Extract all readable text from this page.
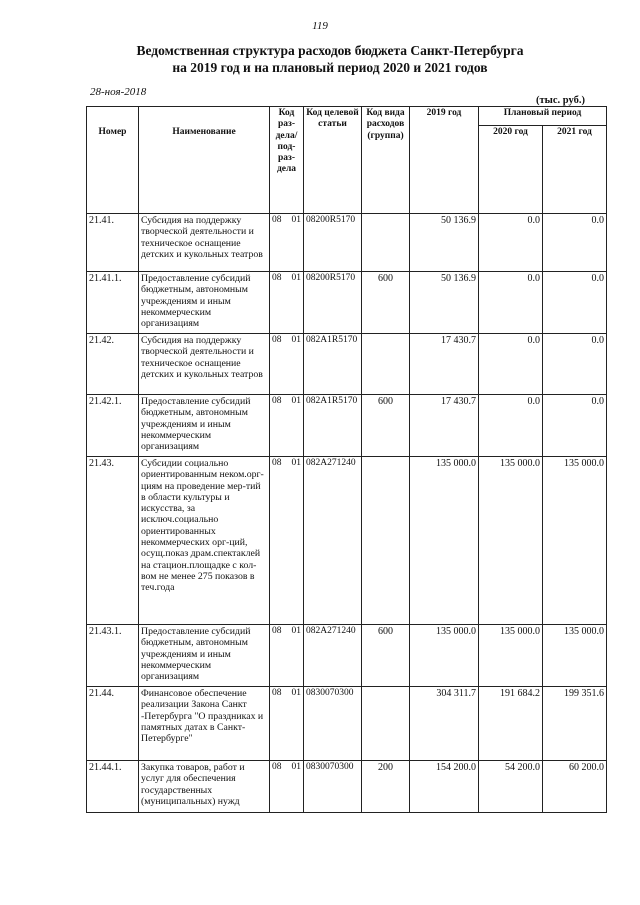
119
Ведомственная структура расходов бюджета Санкт-Петербурга
на 2019 год и на плановый период 2020 и 2021 годов
28-ноя-2018
(тыс. руб.)
Номер	Наименование	Код раз- дела/ под- раз- дела	Код целевой статьи	Код вида расходов (группа)	2019 год	Плановый период	
						2020 год	2021 год
21.41.	Субсидия на поддержку творческой деятельности и техническое оснащение детских и кукольных театров	08 01	08200R5170		50 136.9	0.0	0.0
21.41.1.	Предоставление субсидий бюджетным, автономным учреждениям и иным некоммерческим организациям	08 01	08200R5170	600	50 136.9	0.0	0.0
21.42.	Субсидия на поддержку творческой деятельности и техническое оснащение детских и кукольных театров	08 01	082A1R5170		17 430.7	0.0	0.0
21.42.1.	Предоставление субсидий бюджетным, автономным учреждениям и иным некоммерческим организациям	08 01	082A1R5170	600	17 430.7	0.0	0.0
21.43.	Субсидии социально ориентированным неком.орг-циям на проведение мер-тий в области культуры и искусства, за исключ.социально ориентированных некоммерческих орг-ций, осущ.показ драм.спектаклей на стацион.площадке с кол-вом не менее 275 показов в теч.года	08 01	082A271240		135 000.0	135 000.0	135 000.0
21.43.1.	Предоставление субсидий бюджетным, автономным учреждениям и иным некоммерческим организациям	08 01	082A271240	600	135 000.0	135 000.0	135 000.0
21.44.	Финансовое обеспечение реализации Закона Санкт -Петербурга "О праздниках и памятных датах в Санкт-Петербурге"	08 01	0830070300		304 311.7	191 684.2	199 351.6
21.44.1.	Закупка товаров, работ и услуг для обеспечения государственных (муниципальных) нужд	08 01	0830070300	200	154 200.0	54 200.0	60 200.0
